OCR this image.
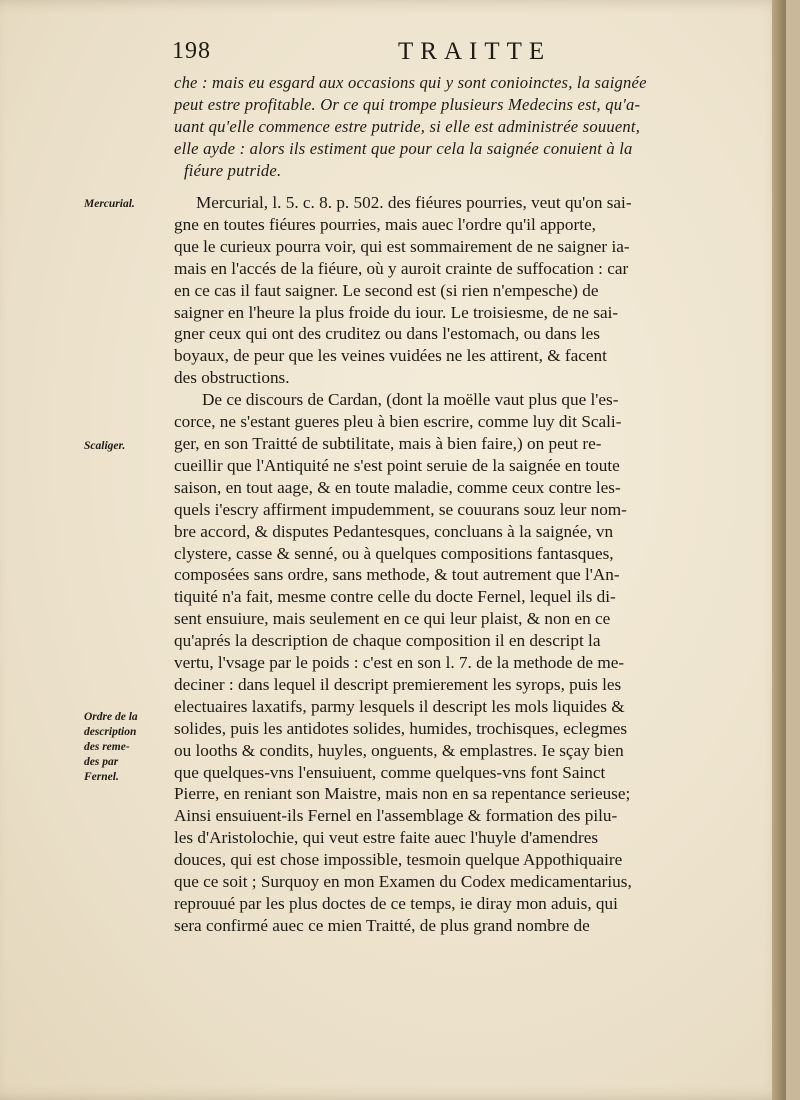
198	TRAITTE
che : mais eu esgard aux occasions qui y sont conioinctes, la saignée
peut estre profitable. Or ce qui trompe plusieurs Medecins est, qu'a-
uant qu'elle commence estre putride, si elle est administrée souuent,
elle ayde : alors ils estiment que pour cela la saignée conuient à la
fiéure putride.
Mercurial.
Scaliger.
Ordre de la
description
des reme-
des par
Fernel.
Mercurial, l. 5. c. 8. p. 502. des fiéures pourries, veut qu'on sai-
gne en toutes fiéures pourries, mais auec l'ordre qu'il apporte,
que le curieux pourra voir, qui est sommairement de ne saigner ia-
mais en l'accés de la fiéure, où y auroit crainte de suffocation : car
en ce cas il faut saigner. Le second est (si rien n'empesche) de
saigner en l'heure la plus froide du iour. Le troisiesme, de ne sai-
gner ceux qui ont des cruditez ou dans l'estomach, ou dans les
boyaux, de peur que les veines vuidées ne les attirent, & facent
des obstructions.
De ce discours de Cardan, (dont la moëlle vaut plus que l'es-
corce, ne s'estant gueres pleu à bien escrire, comme luy dit Scali-
ger, en son Traitté de subtilitate, mais à bien faire,) on peut re-
cueillir que l'Antiquité ne s'est point seruie de la saignée en toute
saison, en tout aage, & en toute maladie, comme ceux contre les-
quels i'escry affirment impudemment, se couurans souz leur nom-
bre accord, & disputes Pedantesques, concluans à la saignée, vn
clystere, casse & senné, ou à quelques compositions fantasques,
composées sans ordre, sans methode, & tout autrement que l'An-
tiquité n'a fait, mesme contre celle du docte Fernel, lequel ils di-
sent ensuiure, mais seulement en ce qui leur plaist, & non en ce
qu'aprés la description de chaque composition il en descript la
vertu, l'vsage par le poids : c'est en son l. 7. de la methode de me-
deciner : dans lequel il descript premierement les syrops, puis les
electuaires laxatifs, parmy lesquels il descript les mols liquides &
solides, puis les antidotes solides, humides, trochisques, eclegmes
ou looths & condits, huyles, onguents, & emplastres. Ie sçay bien
que quelques-vns l'ensuiuent, comme quelques-vns font Sainct
Pierre, en reniant son Maistre, mais non en sa repentance serieuse;
Ainsi ensuiuent-ils Fernel en l'assemblage & formation des pilu-
les d'Aristolochie, qui veut estre faite auec l'huyle d'amendres
douces, qui est chose impossible, tesmoin quelque Appothiquaire
que ce soit ; Surquoy en mon Examen du Codex medicamentarius,
reprouué par les plus doctes de ce temps, ie diray mon aduis, qui
sera confirmé auec ce mien Traitté, de plus grand nombre de
